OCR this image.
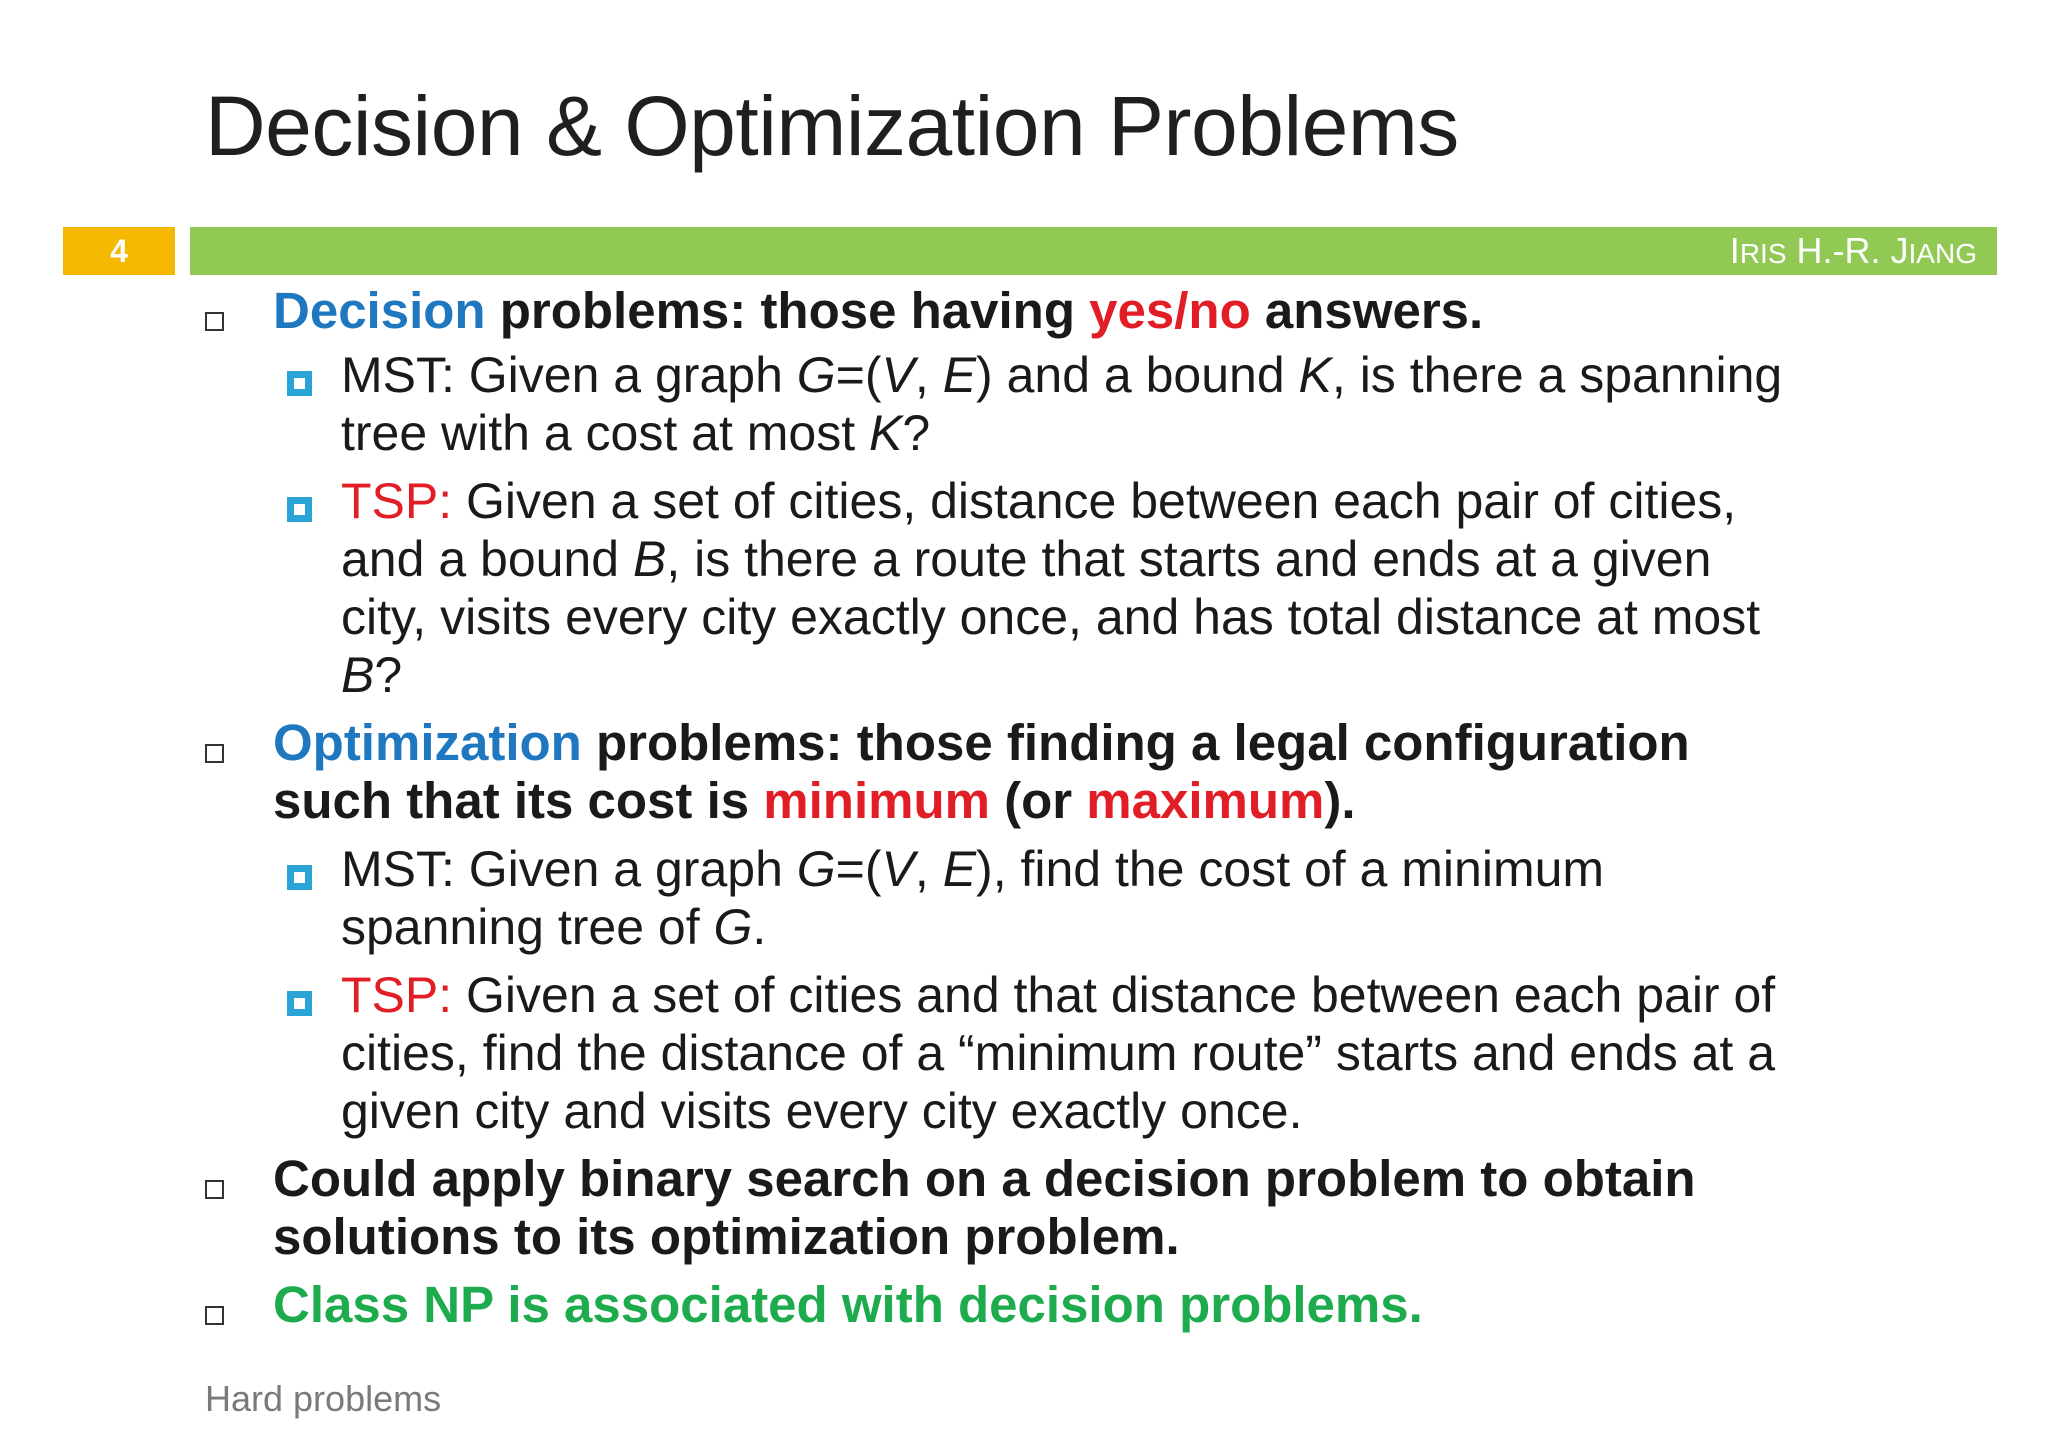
Decision & Optimization Problems
4	IRIS H.-R. JIANG
Decision problems: those having yes/no answers.
MST: Given a graph G=(V, E) and a bound K, is there a spanning
tree with a cost at most K?
TSP: Given a set of cities, distance between each pair of cities,
and a bound B, is there a route that starts and ends at a given
city, visits every city exactly once, and has total distance at most
B?
Optimization problems: those finding a legal configuration
such that its cost is minimum (or maximum).
MST: Given a graph G=(V, E), find the cost of a minimum
spanning tree of G.
TSP: Given a set of cities and that distance between each pair of
cities, find the distance of a “minimum route” starts and ends at a
given city and visits every city exactly once.
Could apply binary search on a decision problem to obtain
solutions to its optimization problem.
Class NP is associated with decision problems.
Hard problems
